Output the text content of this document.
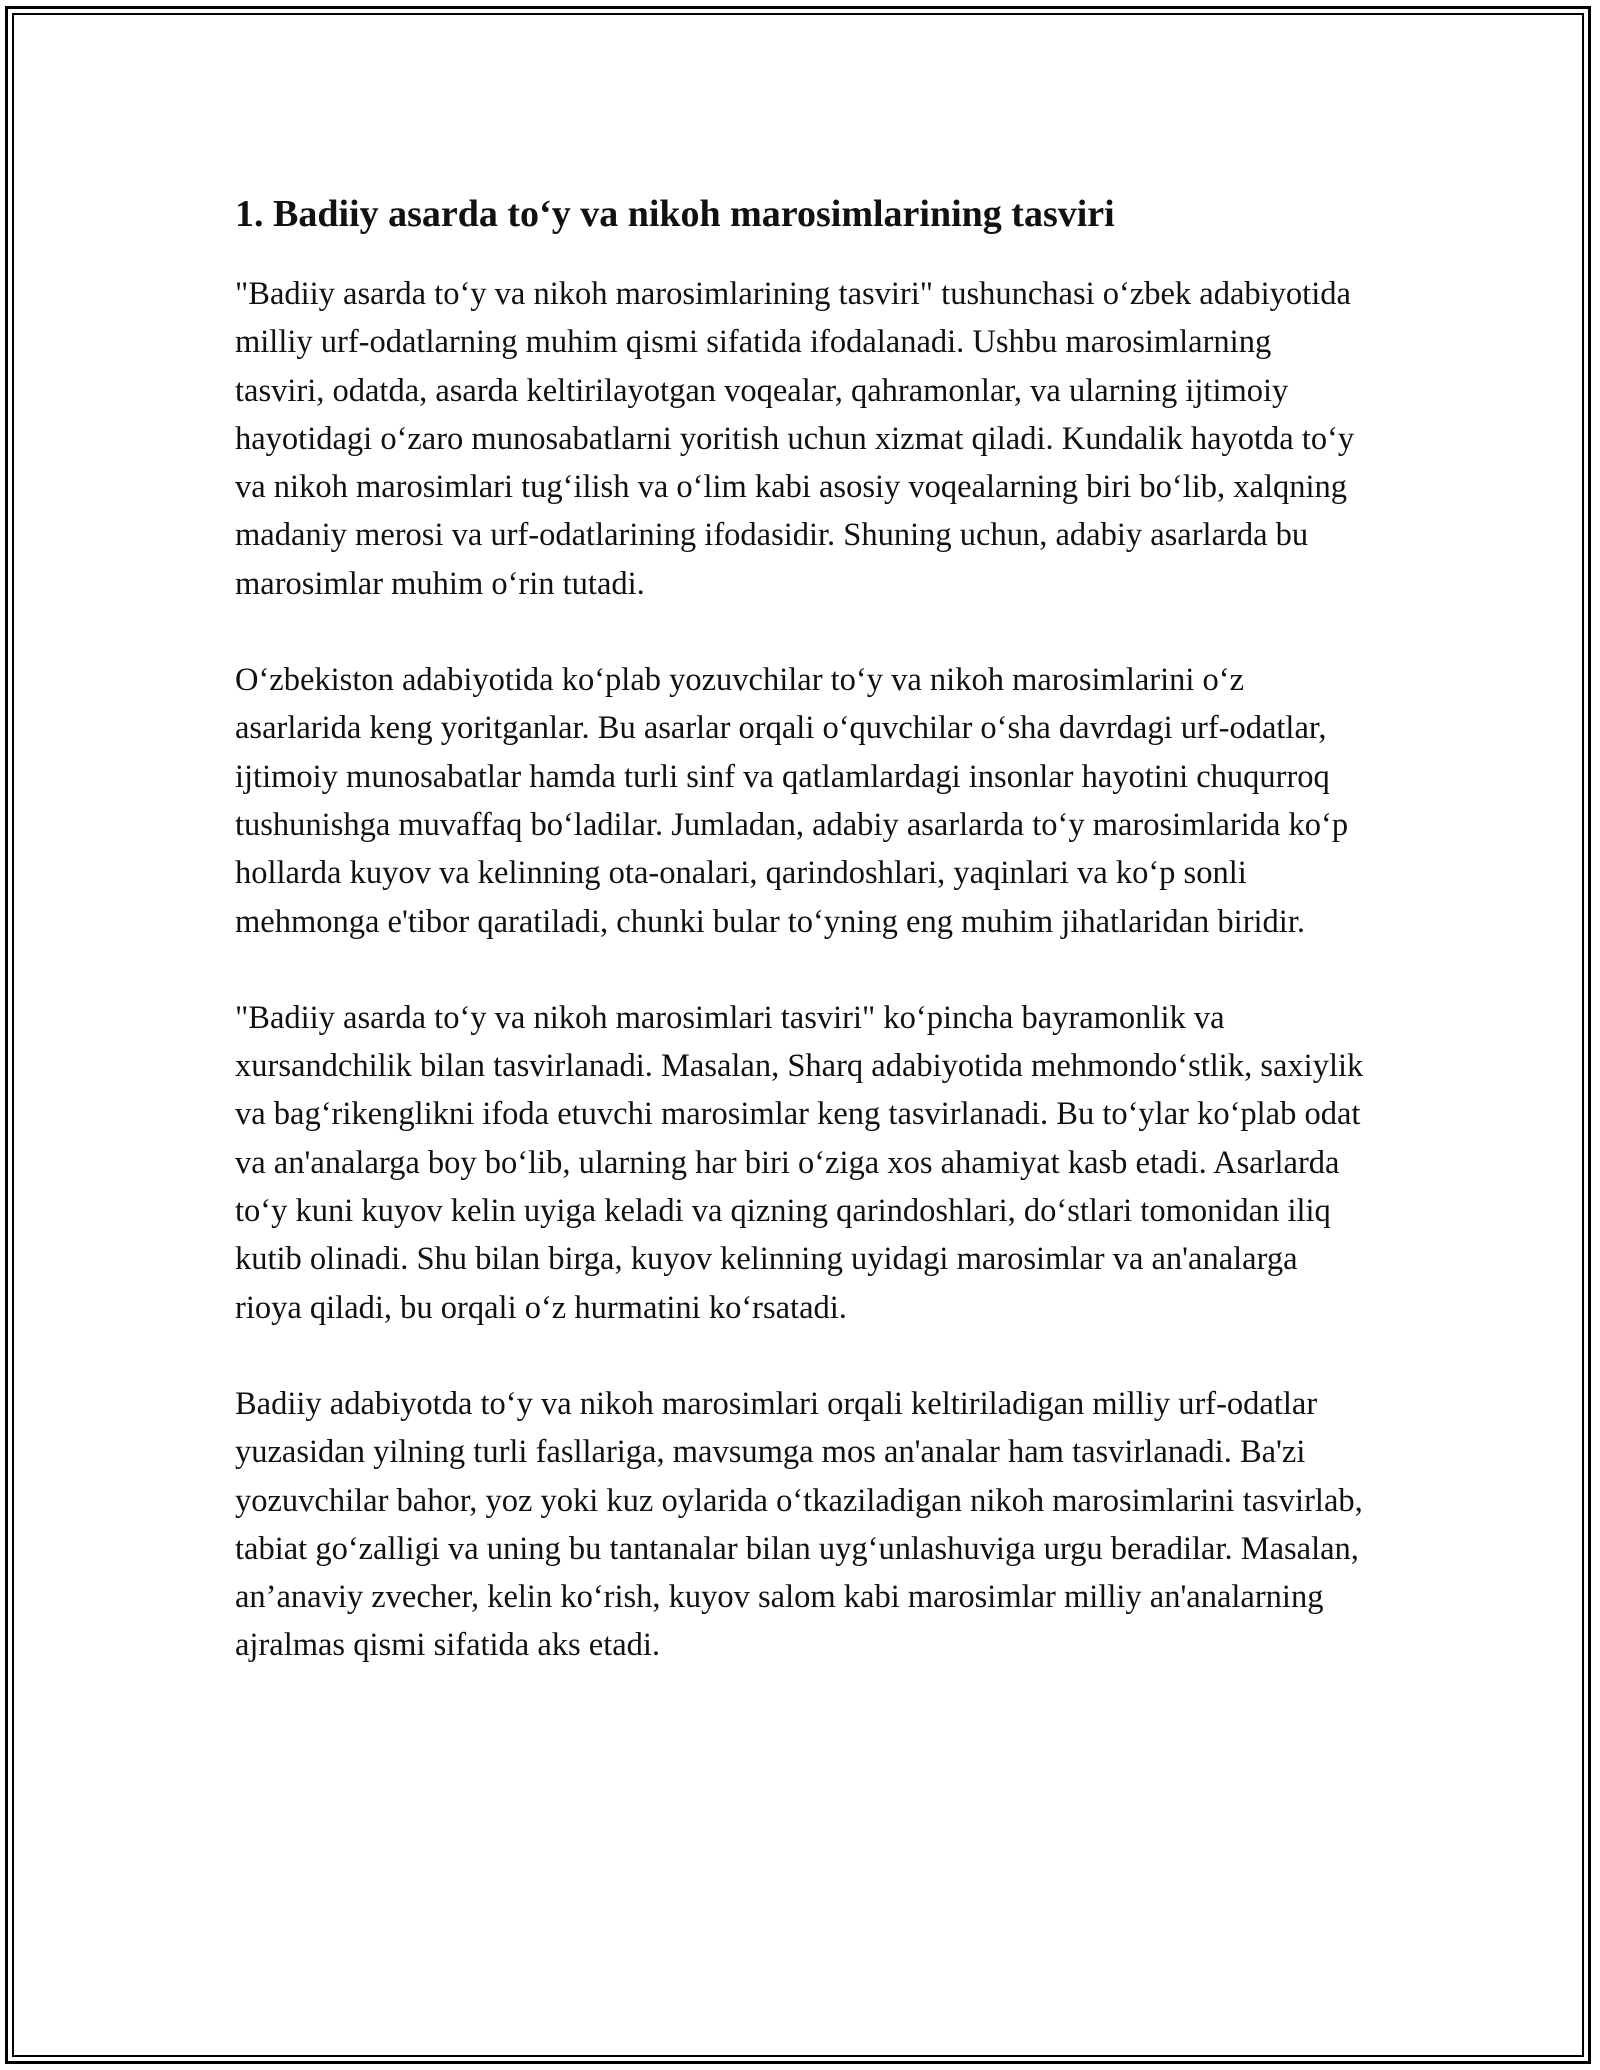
1. Badiiy asarda to‘y va nikoh marosimlarining tasviri

"Badiiy asarda to‘y va nikoh marosimlarining tasviri" tushunchasi o‘zbek adabiyotida milliy urf-odatlarning muhim qismi sifatida ifodalanadi. Ushbu marosimlarning tasviri, odatda, asarda keltirilayotgan voqealar, qahramonlar, va ularning ijtimoiy hayotidagi o‘zaro munosabatlarni yoritish uchun xizmat qiladi. Kundalik hayotda to‘y va nikoh marosimlari tug‘ilish va o‘lim kabi asosiy voqealarning biri bo‘lib, xalqning madaniy merosi va urf-odatlarining ifodasidir. Shuning uchun, adabiy asarlarda bu marosimlar muhim o‘rin tutadi.

O‘zbekiston adabiyotida ko‘plab yozuvchilar to‘y va nikoh marosimlarini o‘z asarlarida keng yoritganlar. Bu asarlar orqali o‘quvchilar o‘sha davrdagi urf-odatlar, ijtimoiy munosabatlar hamda turli sinf va qatlamlardagi insonlar hayotini chuqurroq tushunishga muvaffaq bo‘ladilar. Jumladan, adabiy asarlarda to‘y marosimlarida ko‘p hollarda kuyov va kelinning ota-onalari, qarindoshlari, yaqinlari va ko‘p sonli mehmonga e'tibor qaratiladi, chunki bular to‘yning eng muhim jihatlaridan biridir.

"Badiiy asarda to‘y va nikoh marosimlari tasviri" ko‘pincha bayramonlik va xursandchilik bilan tasvirlanadi. Masalan, Sharq adabiyotida mehmondo‘stlik, saxiylik va bag‘rikenglikni ifoda etuvchi marosimlar keng tasvirlanadi. Bu to‘ylar ko‘plab odat va an'analarga boy bo‘lib, ularning har biri o‘ziga xos ahamiyat kasb etadi. Asarlarda to‘y kuni kuyov kelin uyiga keladi va qizning qarindoshlari, do‘stlari tomonidan iliq kutib olinadi. Shu bilan birga, kuyov kelinning uyidagi marosimlar va an'analarga rioya qiladi, bu orqali o‘z hurmatini ko‘rsatadi.

Badiiy adabiyotda to‘y va nikoh marosimlari orqali keltiriladigan milliy urf-odatlar yuzasidan yilning turli fasllariga, mavsumga mos an'analar ham tasvirlanadi. Ba'zi yozuvchilar bahor, yoz yoki kuz oylarida o‘tkaziladigan nikoh marosimlarini tasvirlab, tabiat go‘zalligi va uning bu tantanalar bilan uyg‘unlashuviga urgu beradilar. Masalan, an’anaviy zvecher, kelin ko‘rish, kuyov salom kabi marosimlar milliy an'analarning ajralmas qismi sifatida aks etadi.
